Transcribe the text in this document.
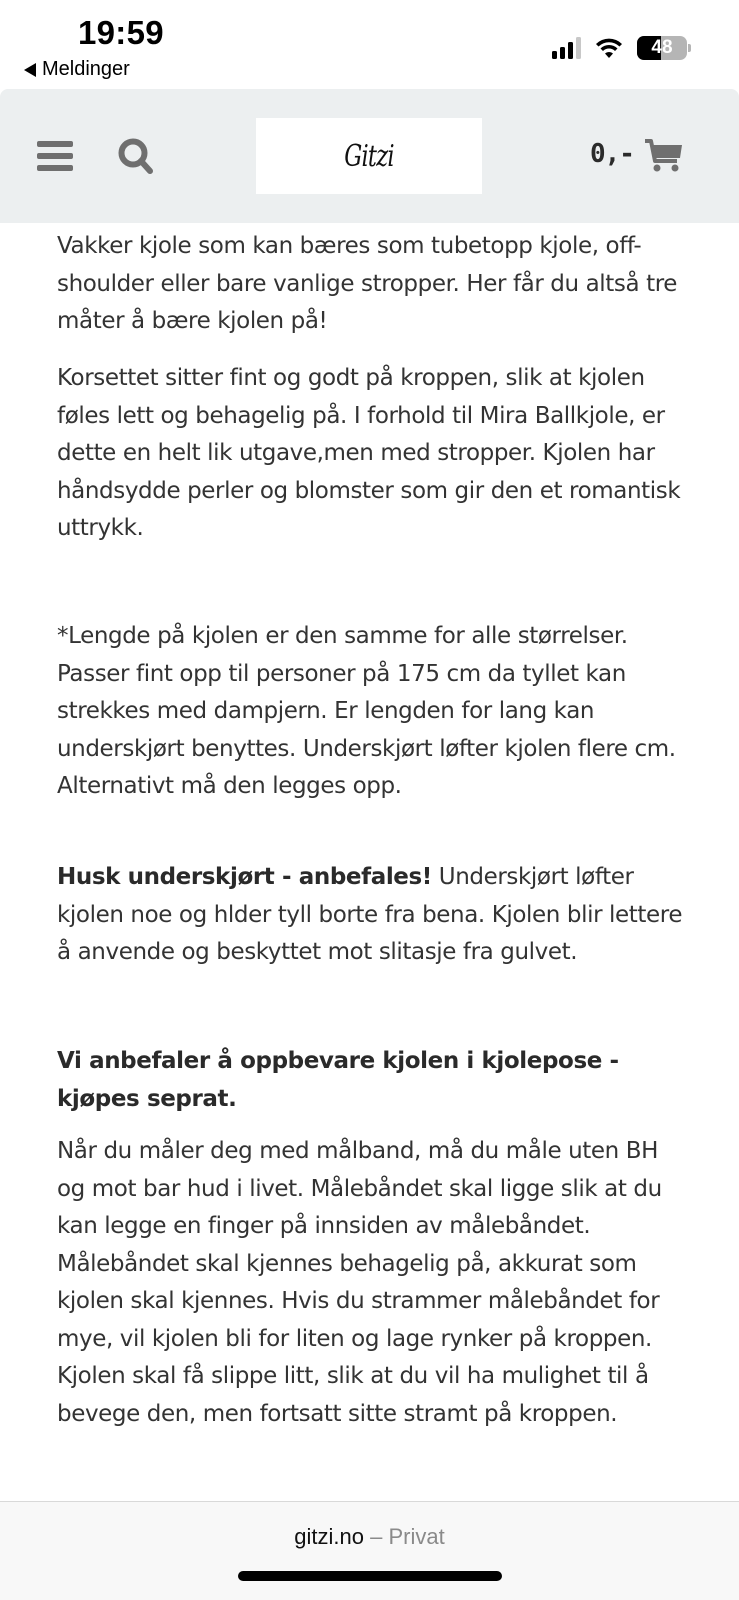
19:59
Meldinger
48
Gitzi	0,-

Vakker kjole som kan bæres som tubetopp kjole, off-shoulder eller bare vanlige stropper. Her får du altså tre måter å bære kjolen på!

Korsettet sitter fint og godt på kroppen, slik at kjolen føles lett og behagelig på. I forhold til Mira Ballkjole, er dette en helt lik utgave,men med stropper. Kjolen har håndsydde perler og blomster som gir den et romantisk uttrykk.

*Lengde på kjolen er den samme for alle størrelser. Passer fint opp til personer på 175 cm da tyllet kan strekkes med dampjern. Er lengden for lang kan underskjørt benyttes. Underskjørt løfter kjolen flere cm. Alternativt må den legges opp.

Husk underskjørt - anbefales! Underskjørt løfter kjolen noe og hlder tyll borte fra bena. Kjolen blir lettere å anvende og beskyttet mot slitasje fra gulvet.

Vi anbefaler å oppbevare kjolen i kjolepose - kjøpes seprat.

Når du måler deg med målband, må du måle uten BH og mot bar hud i livet. Målebåndet skal ligge slik at du kan legge en finger på innsiden av målebåndet. Målebåndet skal kjennes behagelig på, akkurat som kjolen skal kjennes. Hvis du strammer målebåndet for mye, vil kjolen bli for liten og lage rynker på kroppen. Kjolen skal få slippe litt, slik at du vil ha mulighet til å bevege den, men fortsatt sitte stramt på kroppen.

gitzi.no – Privat
